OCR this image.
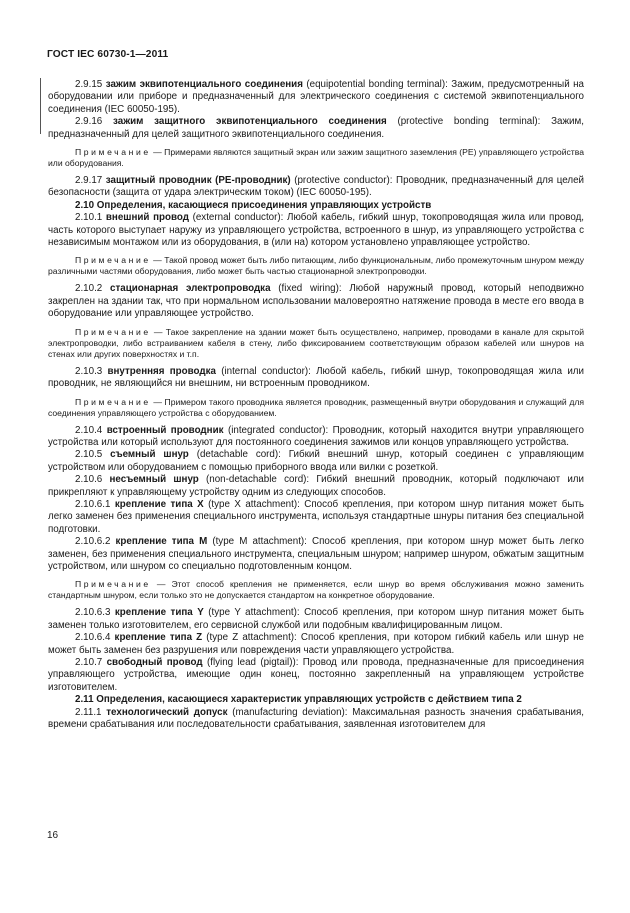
ГОСТ IEC 60730-1—2011

2.9.15 зажим эквипотенциального соединения (equipotential bonding terminal): Зажим, предусмотренный на оборудовании или приборе и предназначенный для электрического соединения с системой эквипотенциального соединения (IEC 60050-195).

2.9.16 зажим защитного эквипотенциального соединения (protective bonding terminal): Зажим, предназначенный для целей защитного эквипотенциального соединения.

Примечание — Примерами являются защитный экран или зажим защитного заземления (PE) управляющего устройства или оборудования.

2.9.17 защитный проводник (PE-проводник) (protective conductor): Проводник, предназначенный для целей безопасности (защита от удара электрическим током) (IEC 60050-195).

2.10 Определения, касающиеся присоединения управляющих устройств

2.10.1 внешний провод (external conductor): Любой кабель, гибкий шнур, токопроводящая жила или провод, часть которого выступает наружу из управляющего устройства, встроенного в шнур, из управляющего устройства с независимым монтажом или из оборудования, в (или на) котором установлено управляющее устройство.

Примечание — Такой провод может быть либо питающим, либо функциональным, либо промежуточным шнуром между различными частями оборудования, либо может быть частью стационарной электропроводки.

2.10.2 стационарная электропроводка (fixed wiring): Любой наружный провод, который неподвижно закреплен на здании так, что при нормальном использовании маловероятно натяжение провода в месте его ввода в оборудование или управляющее устройство.

Примечание — Такое закрепление на здании может быть осуществлено, например, проводами в канале для скрытой электропроводки, либо встраиванием кабеля в стену, либо фиксированием соответствующим образом кабелей или шнуров на стенах или других поверхностях и т.п.

2.10.3 внутренняя проводка (internal conductor): Любой кабель, гибкий шнур, токопроводящая жила или проводник, не являющийся ни внешним, ни встроенным проводником.

Примечание — Примером такого проводника является проводник, размещенный внутри оборудования и служащий для соединения управляющего устройства с оборудованием.

2.10.4 встроенный проводник (integrated conductor): Проводник, который находится внутри управляющего устройства или который используют для постоянного соединения зажимов или концов управляющего устройства.

2.10.5 съемный шнур (detachable cord): Гибкий внешний шнур, который соединен с управляющим устройством или оборудованием с помощью приборного ввода или вилки с розеткой.

2.10.6 несъемный шнур (non-detachable cord): Гибкий внешний проводник, который подключают или прикрепляют к управляющему устройству одним из следующих способов.

2.10.6.1 крепление типа X (type X attachment): Способ крепления, при котором шнур питания может быть легко заменен без применения специального инструмента, используя стандартные шнуры питания без специальной подготовки.

2.10.6.2 крепление типа M (type M attachment): Способ крепления, при котором шнур может быть легко заменен, без применения специального инструмента, специальным шнуром; например шнуром, обжатым защитным устройством, или шнуром со специально подготовленным концом.

Примечание — Этот способ крепления не применяется, если шнур во время обслуживания можно заменить стандартным шнуром, если только это не допускается стандартом на конкретное оборудование.

2.10.6.3 крепление типа Y (type Y attachment): Способ крепления, при котором шнур питания может быть заменен только изготовителем, его сервисной службой или подобным квалифицированным лицом.

2.10.6.4 крепление типа Z (type Z attachment): Способ крепления, при котором гибкий кабель или шнур не может быть заменен без разрушения или повреждения части управляющего устройства.

2.10.7 свободный провод (flying lead (pigtail)): Провод или провода, предназначенные для присоединения управляющего устройства, имеющие один конец, постоянно закрепленный на управляющем устройстве изготовителем.

2.11 Определения, касающиеся характеристик управляющих устройств с действием типа 2

2.11.1 технологический допуск (manufacturing deviation): Максимальная разность значения срабатывания, времени срабатывания или последовательности срабатывания, заявленная изготовителем для

16
